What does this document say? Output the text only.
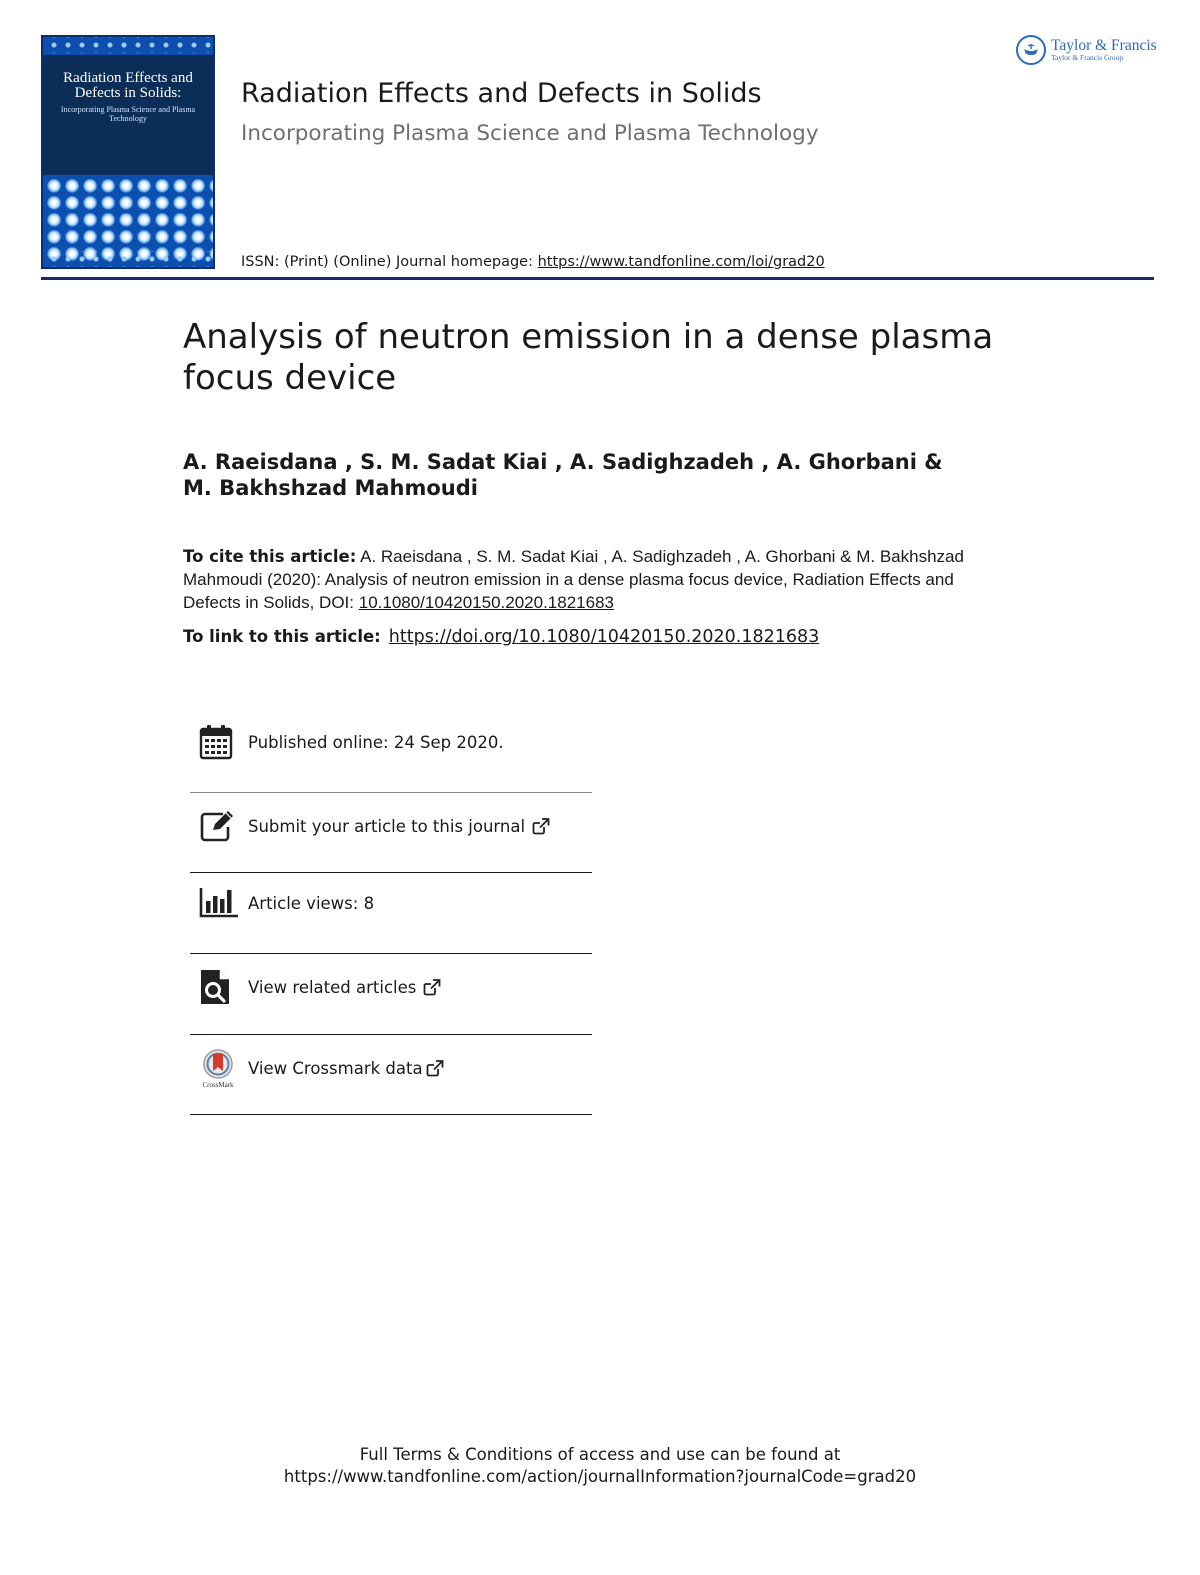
Radiation Effects and Defects in Solids:
Incorporating Plasma Science and Plasma Technology
Radiation Effects and Defects in Solids
Incorporating Plasma Science and Plasma Technology
ISSN: (Print) (Online) Journal homepage: https://www.tandfonline.com/loi/grad20
Taylor & Francis
Taylor & Francis Group
Analysis of neutron emission in a dense plasma focus device
A. Raeisdana , S. M. Sadat Kiai , A. Sadighzadeh , A. Ghorbani & M. Bakhshzad Mahmoudi
To cite this article: A. Raeisdana , S. M. Sadat Kiai , A. Sadighzadeh , A. Ghorbani & M. Bakhshzad Mahmoudi (2020): Analysis of neutron emission in a dense plasma focus device, Radiation Effects and Defects in Solids, DOI: 10.1080/10420150.2020.1821683
To link to this article: https://doi.org/10.1080/10420150.2020.1821683
Published online: 24 Sep 2020.
Submit your article to this journal
Article views: 8
View related articles
CrossMark
View Crossmark data
Full Terms & Conditions of access and use can be found at
https://www.tandfonline.com/action/journalInformation?journalCode=grad20
